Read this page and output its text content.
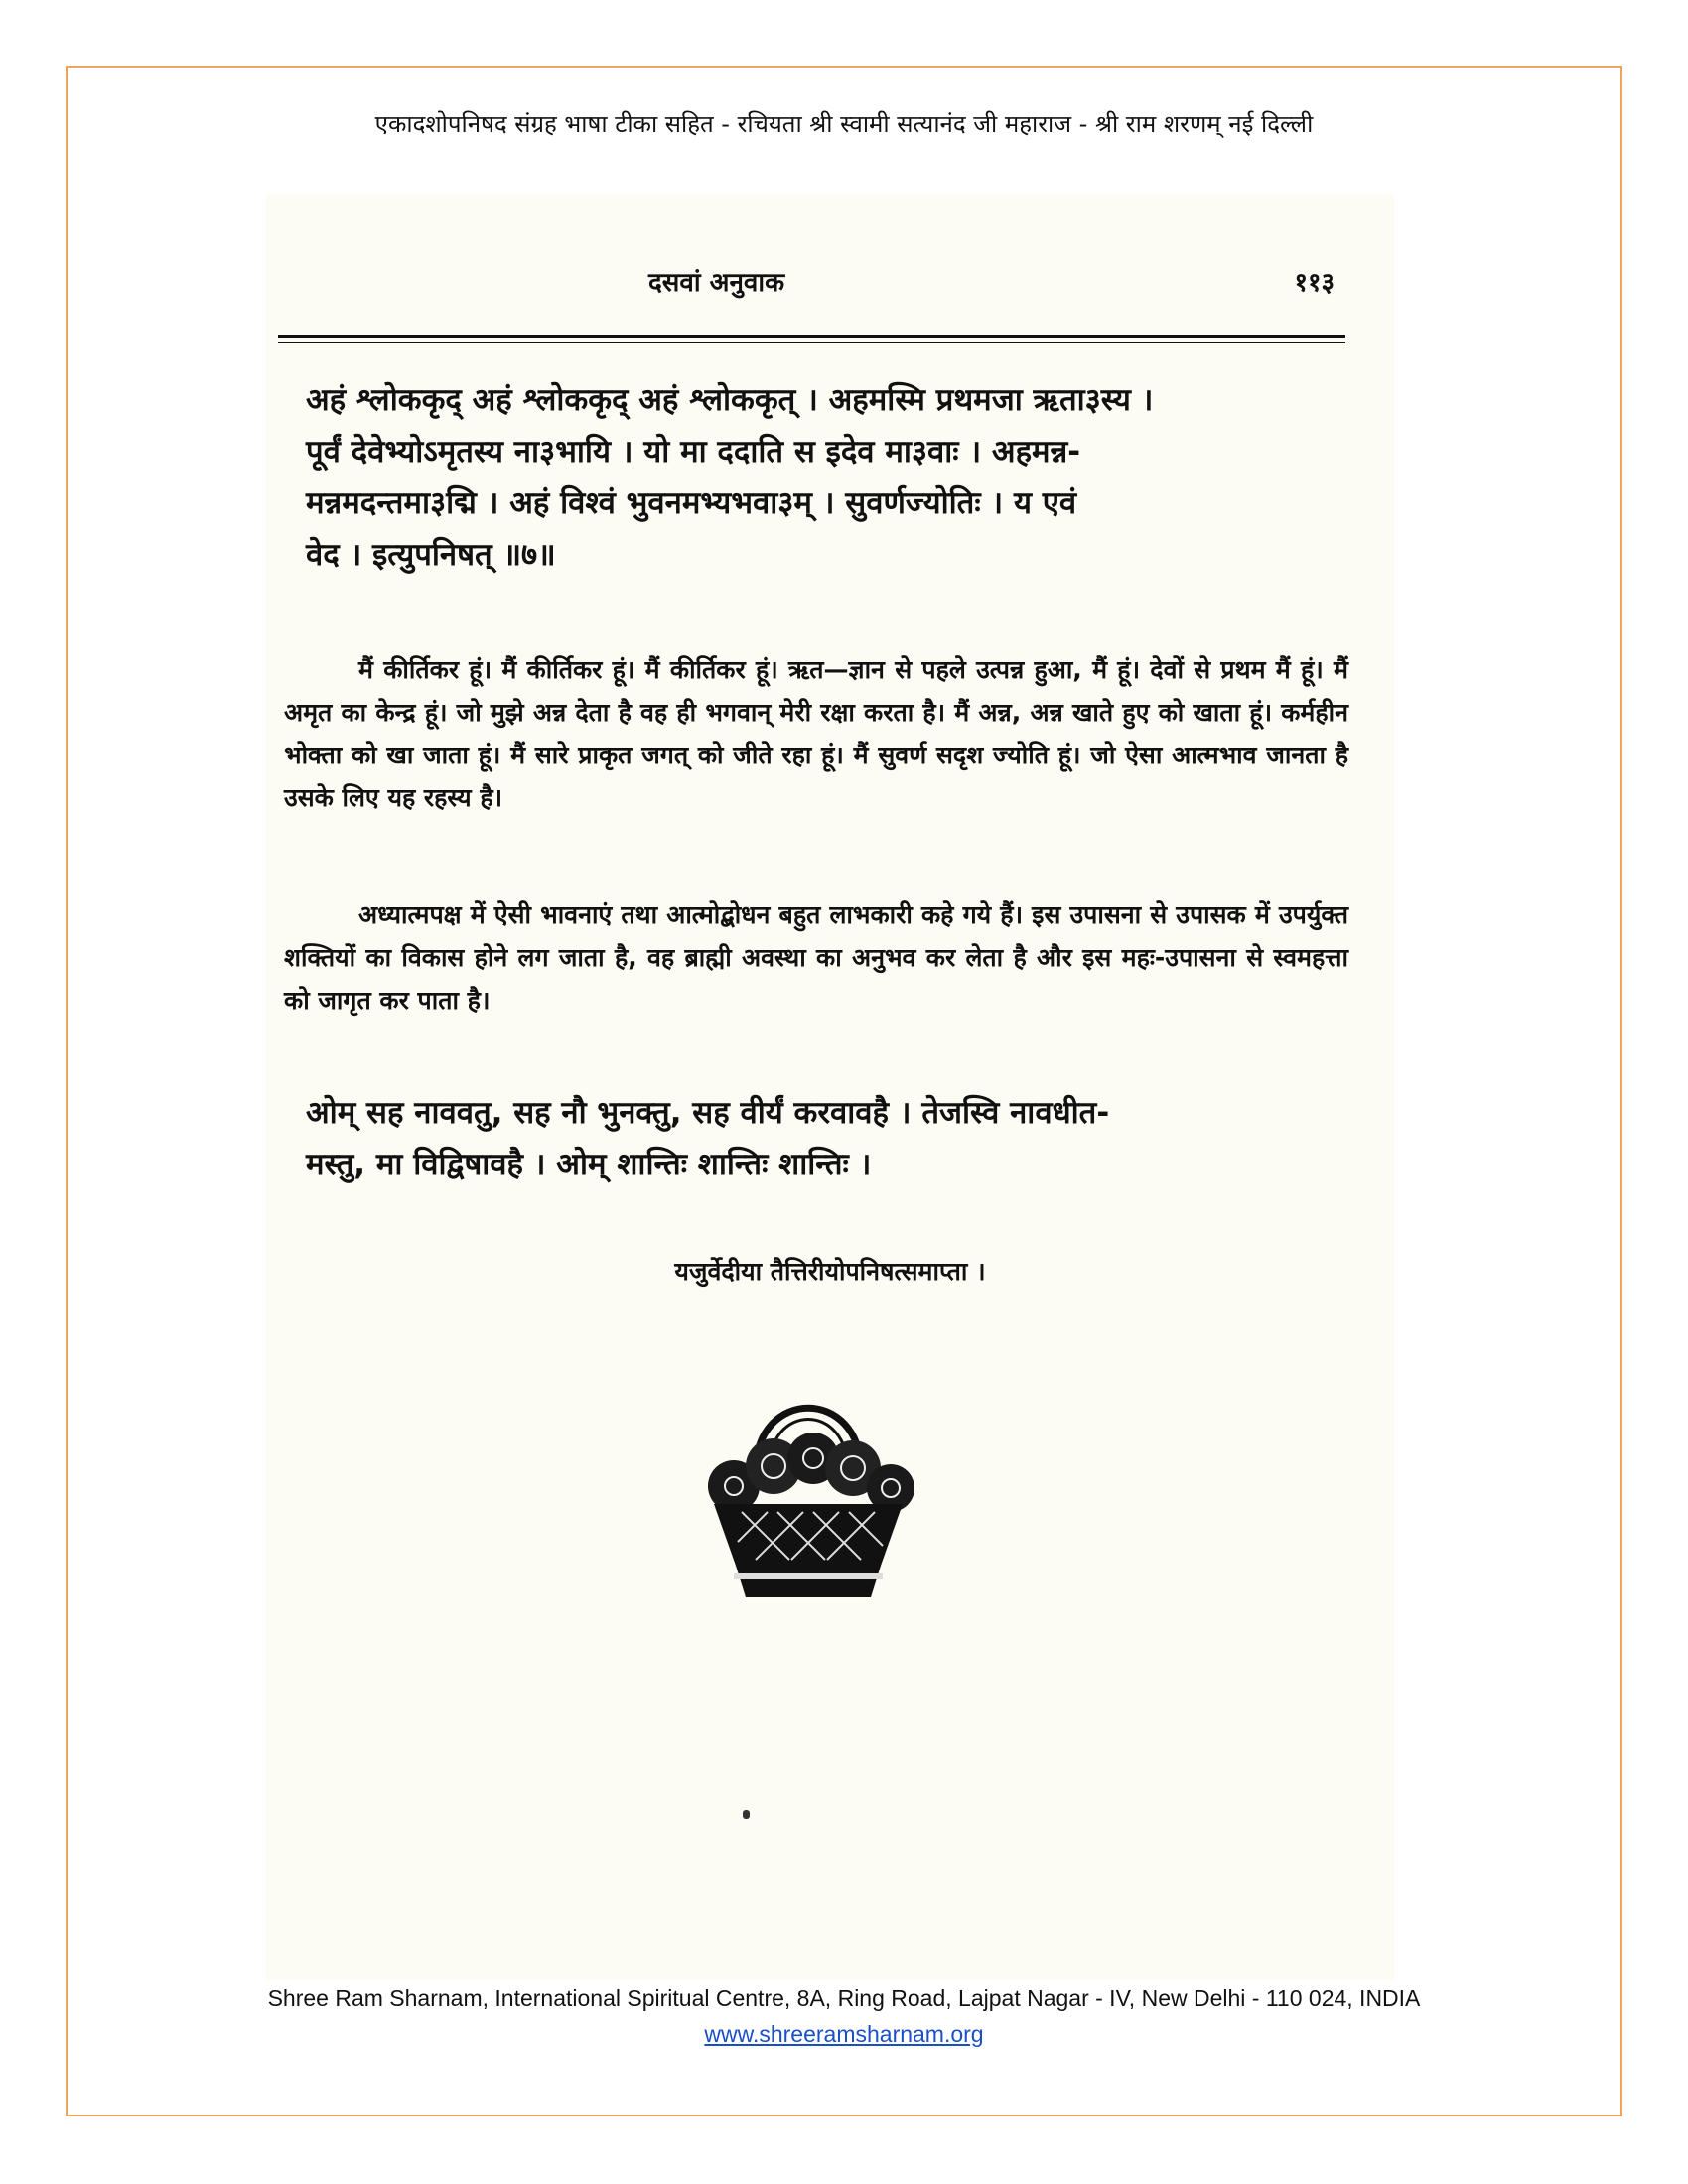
एकादशोपनिषद संग्रह भाषा टीका सहित - रचियता श्री स्वामी सत्यानंद जी महाराज - श्री राम शरणम् नई दिल्ली
दसवां अनुवाक	११३

अहं श्लोककृद् अहं श्लोककृद् अहं श्लोककृत् । अहमस्मि प्रथमजा ऋता३स्य ।

पूर्वं देवेभ्योऽमृतस्य ना३भायि । यो मा ददाति स इदेव मा३वाः । अहमन्न-

मन्नमदन्तमा३द्मि । अहं विश्वं भुवनमभ्यभवा३म् । सुवर्णज्योतिः । य एवं

वेद । इत्युपनिषत् ॥७॥

मैं कीर्तिकर हूं। मैं कीर्तिकर हूं। मैं कीर्तिकर हूं। ऋत—ज्ञान से पहले उत्पन्न हुआ, मैं हूं। देवों से प्रथम मैं हूं। मैं अमृत का केन्द्र हूं। जो मुझे अन्न देता है वह ही भगवान् मेरी रक्षा करता है। मैं अन्न, अन्न खाते हुए को खाता हूं। कर्महीन भोक्ता को खा जाता हूं। मैं सारे प्राकृत जगत् को जीते रहा हूं। मैं सुवर्ण सदृश ज्योति हूं। जो ऐसा आत्मभाव जानता है उसके लिए यह रहस्य है।

अध्यात्मपक्ष में ऐसी भावनाएं तथा आत्मोद्बोधन बहुत लाभकारी कहे गये हैं। इस उपासना से उपासक में उपर्युक्त शक्तियों का विकास होने लग जाता है, वह ब्राह्मी अवस्था का अनुभव कर लेता है और इस महः-उपासना से स्वमहत्ता को जागृत कर पाता है।

ओम् सह नाववतु, सह नौ भुनक्तु, सह वीर्यं करवावहै । तेजस्वि नावधीत-

मस्तु, मा विद्विषावहै । ओम् शान्तिः शान्तिः शान्तिः ।

यजुर्वेदीया तैत्तिरीयोपनिषत्समाप्ता ।
Shree Ram Sharnam, International Spiritual Centre, 8A, Ring Road, Lajpat Nagar - IV, New Delhi - 110 024, INDIA
www.shreeramsharnam.org
